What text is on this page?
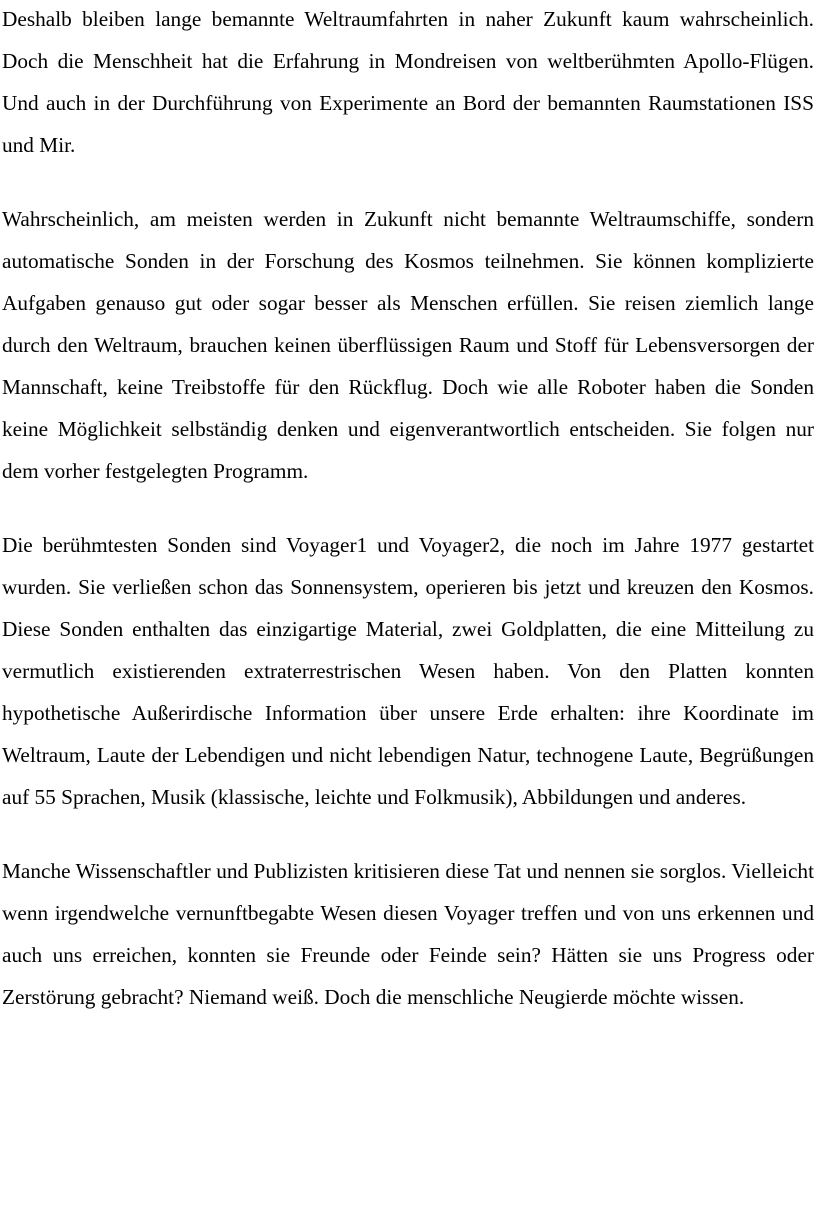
Deshalb bleiben lange bemannte Weltraumfahrten in naher Zukunft kaum wahrscheinlich. Doch die Menschheit hat die Erfahrung in Mondreisen von weltberühmten Apollo-Flügen. Und auch in der Durchführung von Experimente an Bord der bemannten Raumstationen ISS und Mir.

Wahrscheinlich, am meisten werden in Zukunft nicht bemannte Weltraumschiffe, sondern automatische Sonden in der Forschung des Kosmos teilnehmen. Sie können komplizierte Aufgaben genauso gut oder sogar besser als Menschen erfüllen. Sie reisen ziemlich lange durch den Weltraum, brauchen keinen überflüssigen Raum und Stoff für Lebensversorgen der Mannschaft, keine Treibstoffe für den Rückflug. Doch wie alle Roboter haben die Sonden keine Möglichkeit selbständig denken und eigenverantwortlich entscheiden. Sie folgen nur dem vorher festgelegten Programm.

Die berühmtesten Sonden sind Voyager1 und Voyager2, die noch im Jahre 1977 gestartet wurden. Sie verließen schon das Sonnensystem, operieren bis jetzt und kreuzen den Kosmos. Diese Sonden enthalten das einzigartige Material, zwei Goldplatten, die eine Mitteilung zu vermutlich existierenden extraterrestrischen Wesen haben. Von den Platten konnten hypothetische Außerirdische Information über unsere Erde erhalten: ihre Koordinate im Weltraum, Laute der Lebendigen und nicht lebendigen Natur, technogene Laute, Begrüßungen auf 55 Sprachen, Musik (klassische, leichte und Folkmusik), Abbildungen und anderes.

Manche Wissenschaftler und Publizisten kritisieren diese Tat und nennen sie sorglos. Vielleicht wenn irgendwelche vernunftbegabte Wesen diesen Voyager treffen und von uns erkennen und auch uns erreichen, konnten sie Freunde oder Feinde sein? Hätten sie uns Progress oder Zerstörung gebracht? Niemand weiß. Doch die menschliche Neugierde möchte wissen.
